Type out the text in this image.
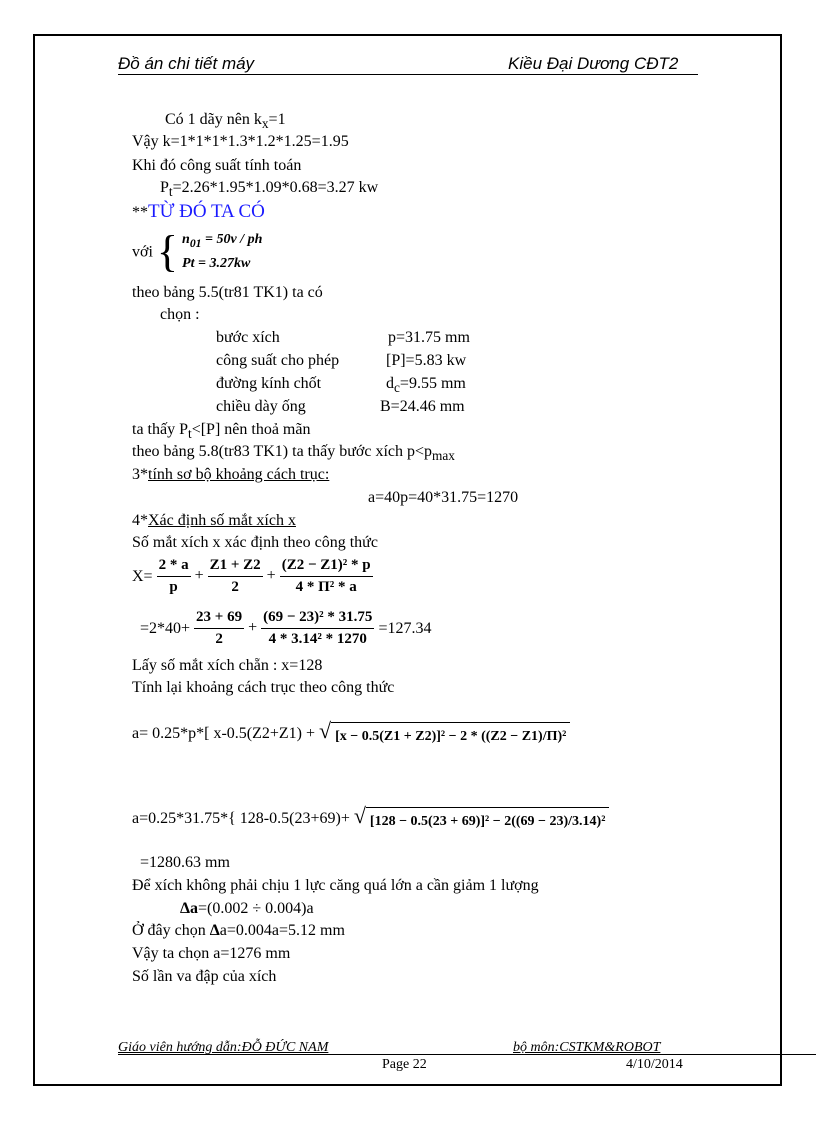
Đồ án chi tiết máy	Kiều Đại Dương CĐT2
Có 1 dãy nên $k_x=1$
Vậy k=1*1*1*1.3*1.2*1.25=1.95
Khi đó công suất tính toán
$P_t=2.26*1.95*1.09*0.68=3.27$ kw
**TỪ ĐÓ TA CÓ
với { $n_{01} = 50v$ / ph
Pt = 3.27kw
theo bảng 5.5(tr81 TK1) ta có
chọn :
bước xích	p=31.75 mm
công suất cho phép	[P]=5.83 kw
đường kính chốt	$d_c=9.55$ mm
chiều dày ống	B=24.46 mm
ta thấy $P_t<[P]$ nên thoả mãn
theo bảng 5.8(tr83 TK1) ta thấy bước xích $p<p_{max}$
3*tính sơ bộ khoảng cách trục:
a=40p=40*31.75=1270
4*Xác định số mắt xích x
Số mắt xích x xác định theo công thức
$X= \frac{2 * a}{p} + \frac{Z1 + Z2}{2} + \frac{\text{(Z2 − Z1)² * p}}{\text{4 * Π² * a}}$
$=2*40+ \frac{23 + 69}{2} + \frac{\text{(69 − 23)² * 31.75}}{\text{4 * 3.14² * 1270}} =127.34$
Lấy số mắt xích chẵn : x=128
Tính lại khoảng cách trục theo công thức
a= 0.25*p*[ x-0.5(Z2+Z1) + √ [x − 0.5(Z1 + Z2)]² − 2 * ((Z2 − Z1)/Π)²
a=0.25*31.75*{ 128-0.5(23+69)+ √ [128 − 0.5(23 + 69)]² − 2((69 − 23)/3.14)²
=1280.63 mm
Để xích không phải chịu 1 lực căng quá lớn a cần giảm 1 lượng
Δa=(0.002 ÷ 0.004)a
Ở đây chọn Δa=0.004a=5.12 mm
Vậy ta chọn a=1276 mm
Số lần va đập của xích
Giáo viên hướng dẫn:ĐỖ ĐỨC NAM	bộ môn:CSTKM&ROBOT
Page 22	4/10/2014
